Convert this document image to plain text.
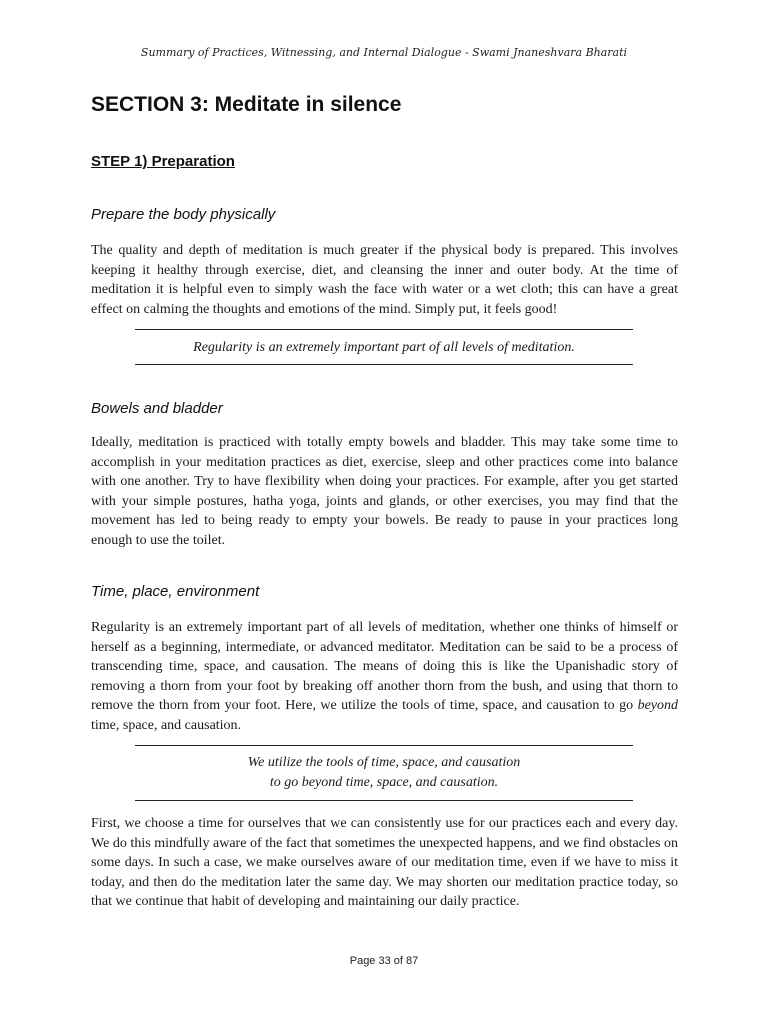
Summary of Practices, Witnessing, and Internal Dialogue - Swami Jnaneshvara Bharati
SECTION 3: Meditate in silence
STEP 1) Preparation
Prepare the body physically

The quality and depth of meditation is much greater if the physical body is prepared. This involves keeping it healthy through exercise, diet, and cleansing the inner and outer body. At the time of meditation it is helpful even to simply wash the face with water or a wet cloth; this can have a great effect on calming the thoughts and emotions of the mind. Simply put, it feels good!

Regularity is an extremely important part of all levels of meditation.
Bowels and bladder

Ideally, meditation is practiced with totally empty bowels and bladder. This may take some time to accomplish in your meditation practices as diet, exercise, sleep and other practices come into balance with one another. Try to have flexibility when doing your practices. For example, after you get started with your simple postures, hatha yoga, joints and glands, or other exercises, you may find that the movement has led to being ready to empty your bowels. Be ready to pause in your practices long enough to use the toilet.

Time, place, environment

Regularity is an extremely important part of all levels of meditation, whether one thinks of himself or herself as a beginning, intermediate, or advanced meditator. Meditation can be said to be a process of transcending time, space, and causation. The means of doing this is like the Upanishadic story of removing a thorn from your foot by breaking off another thorn from the bush, and using that thorn to remove the thorn from your foot. Here, we utilize the tools of time, space, and causation to go beyond time, space, and causation.

We utilize the tools of time, space, and causation
to go beyond time, space, and causation.

First, we choose a time for ourselves that we can consistently use for our practices each and every day. We do this mindfully aware of the fact that sometimes the unexpected happens, and we find obstacles on some days. In such a case, we make ourselves aware of our meditation time, even if we have to miss it today, and then do the meditation later the same day. We may shorten our meditation practice today, so that we continue that habit of developing and maintaining our daily practice.

Page 33 of 87
